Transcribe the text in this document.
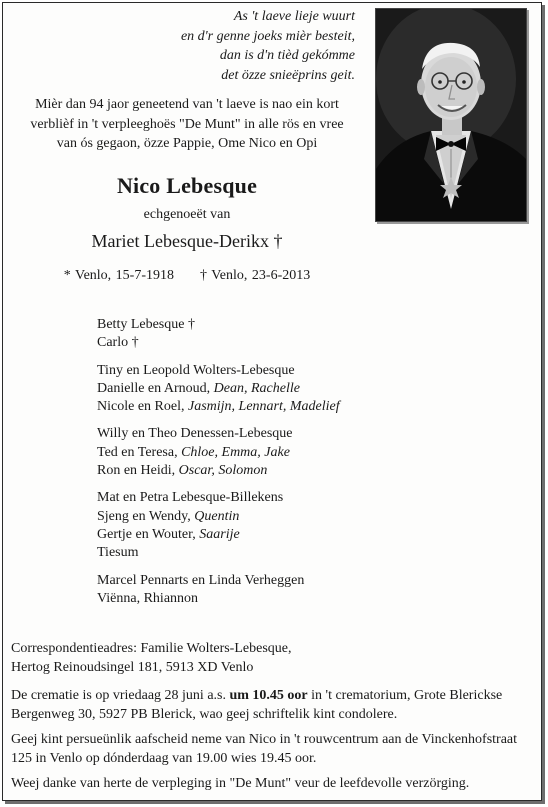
As 't laeve lieje wuurt
en d'r genne joeks mièr besteit,
dan is d'n tièd gekómme
det özze snieëprins geit.
Mièr dan 94 jaor geneetend van 't laeve is nao ein kort
verblièf in 't verpleeghoës "De Munt" in alle rös en vree
van ós gegaon, özze Pappie, Ome Nico en Opi
Nico Lebesque
echgenoeët van
Mariet Lebesque-Derikx †
* Venlo, 15-7-1918 † Venlo, 23-6-2013
Betty Lebesque †
Carlo †
Tiny en Leopold Wolters-Lebesque
Danielle en Arnoud, Dean, Rachelle
Nicole en Roel, Jasmijn, Lennart, Madelief
Willy en Theo Denessen-Lebesque
Ted en Teresa, Chloe, Emma, Jake
Ron en Heidi, Oscar, Solomon
Mat en Petra Lebesque-Billekens
Sjeng en Wendy, Quentin
Gertje en Wouter, Saarije
Tiesum
Marcel Pennarts en Linda Verheggen
Viënna, Rhiannon
Correspondentieadres: Familie Wolters-Lebesque,
Hertog Reinoudsingel 181, 5913 XD Venlo

De crematie is op vriedaag 28 juni a.s. um 10.45 oor in 't crematorium, Grote Blerickse Bergenweg 30, 5927 PB Blerick, wao geej schriftelik kint condolere.

Geej kint persueünlik aafscheid neme van Nico in 't rouwcentrum aan de Vinckenhofstraat 125 in Venlo op dónderdaag van 19.00 wies 19.45 oor.

Weej danke van herte de verpleging in "De Munt" veur de leefdevolle verzörging.
